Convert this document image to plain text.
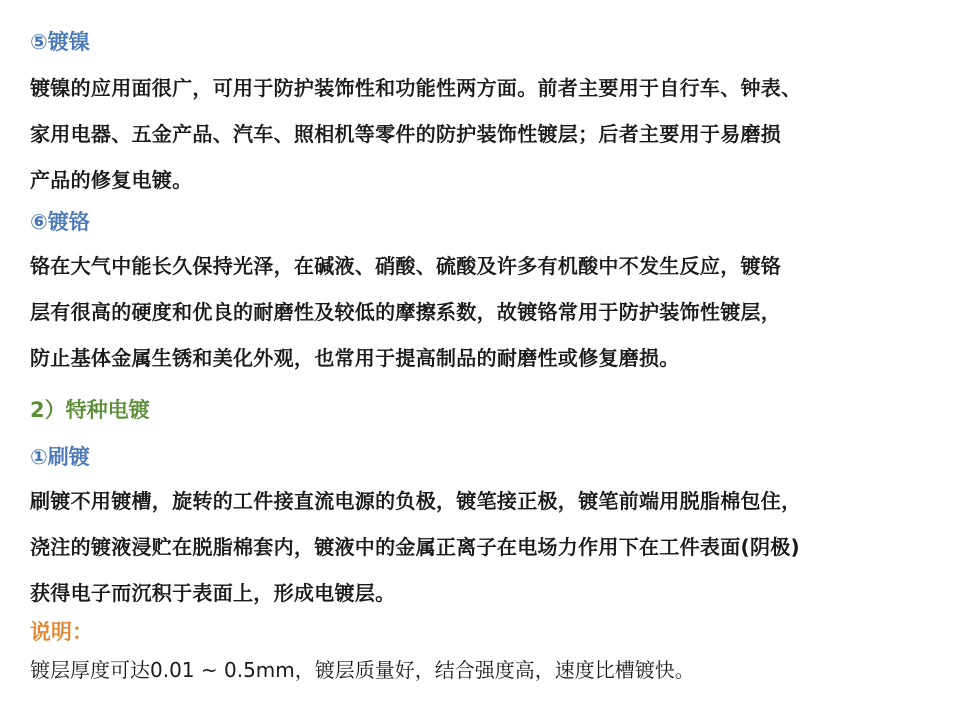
⑤镀镍
镀镍的应用面很广，可用于防护装饰性和功能性两方面。前者主要用于自行车、钟表、
家用电器、五金产品、汽车、照相机等零件的防护装饰性镀层；后者主要用于易磨损
产品的修复电镀。
⑥镀铬
铬在大气中能长久保持光泽，在碱液、硝酸、硫酸及许多有机酸中不发生反应，镀铬
层有很高的硬度和优良的耐磨性及较低的摩擦系数，故镀铬常用于防护装饰性镀层，
防止基体金属生锈和美化外观，也常用于提高制品的耐磨性或修复磨损。
2）特种电镀
①刷镀
刷镀不用镀槽，旋转的工件接直流电源的负极，镀笔接正极，镀笔前端用脱脂棉包住，
浇注的镀液浸贮在脱脂棉套内，镀液中的金属正离子在电场力作用下在工件表面(阴极)
获得电子而沉积于表面上，形成电镀层。
说明：
镀层厚度可达0.01 ~ 0.5mm，镀层质量好，结合强度高，速度比槽镀快。
